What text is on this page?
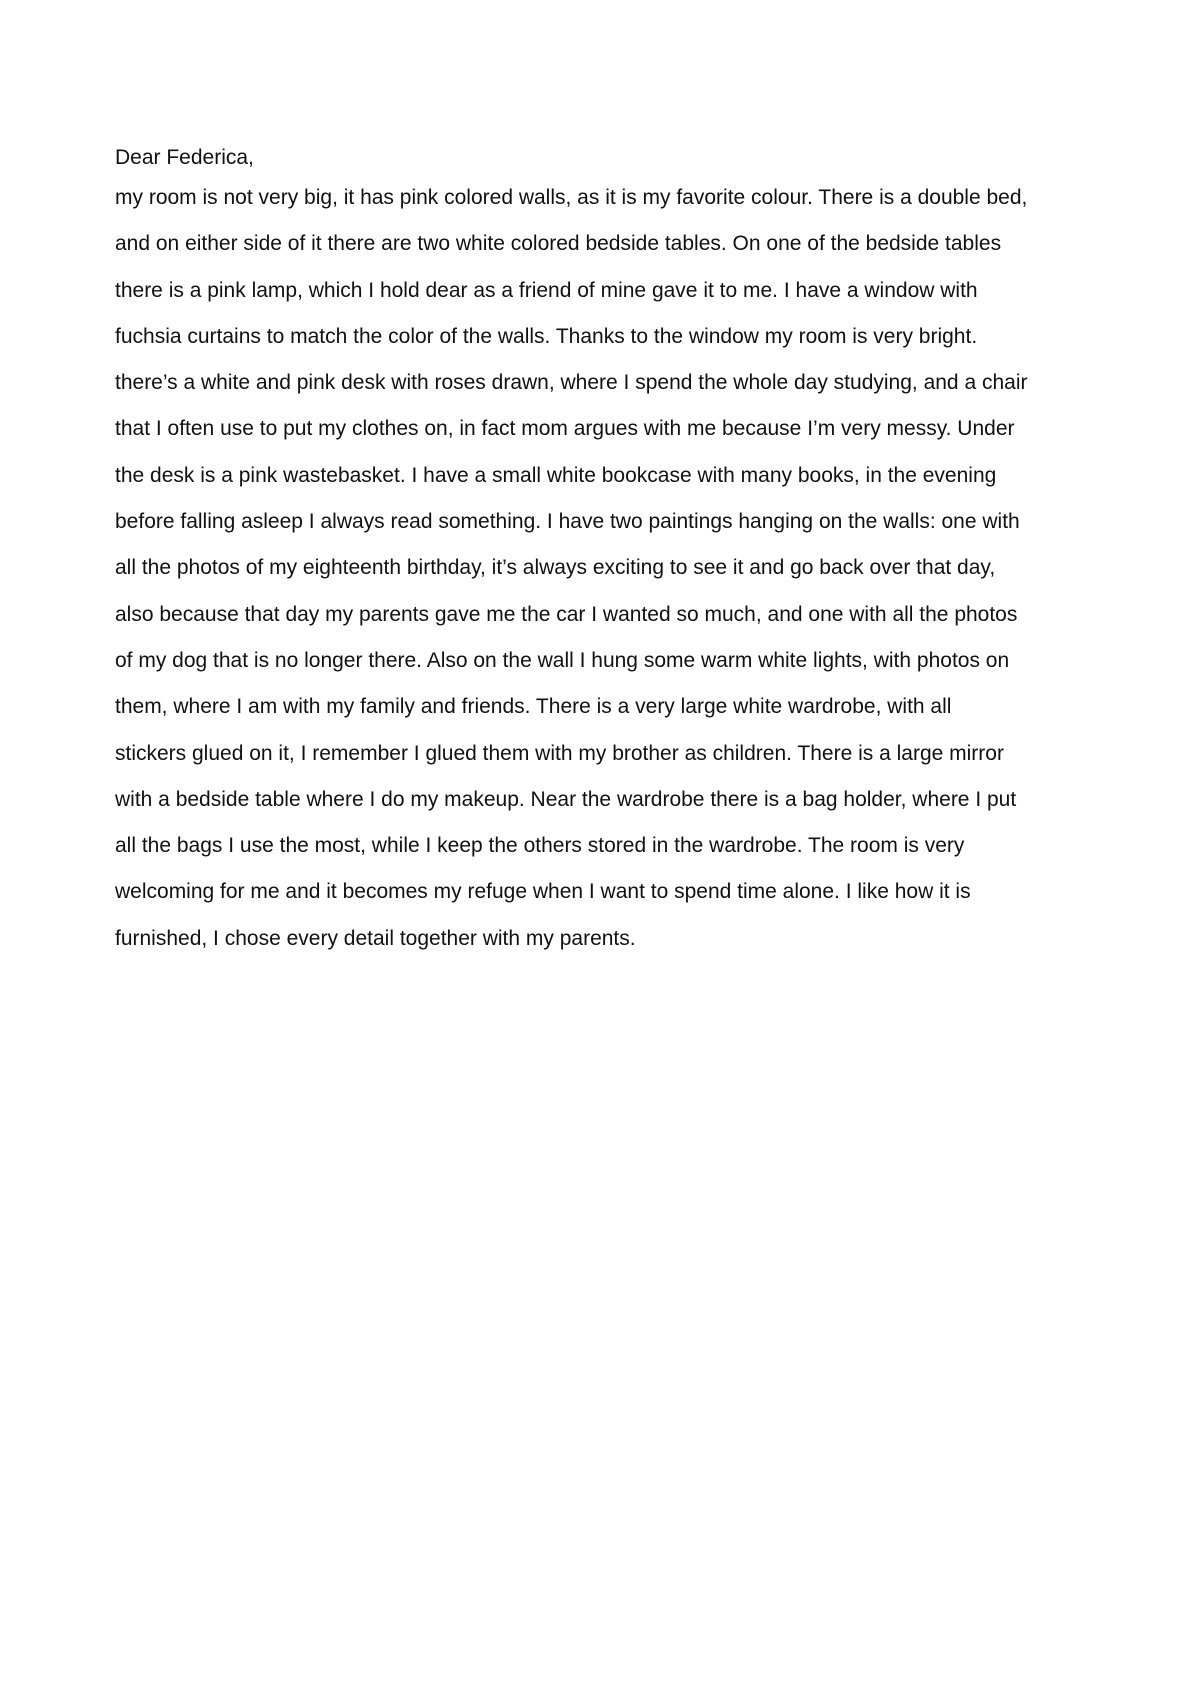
Dear Federica,

my room is not very big, it has pink colored walls, as it is my favorite colour. There is a double bed,
and on either side of it there are two white colored bedside tables. On one of the bedside tables
there is a pink lamp, which I hold dear as a friend of mine gave it to me. I have a window with
fuchsia curtains to match the color of the walls. Thanks to the window my room is very bright.
there’s a white and pink desk with roses drawn, where I spend the whole day studying, and a chair
that I often use to put my clothes on, in fact mom argues with me because I’m very messy. Under
the desk is a pink wastebasket. I have a small white bookcase with many books, in the evening
before falling asleep I always read something. I have two paintings hanging on the walls: one with
all the photos of my eighteenth birthday, it’s always exciting to see it and go back over that day,
also because that day my parents gave me the car I wanted so much, and one with all the photos
of my dog that is no longer there. Also on the wall I hung some warm white lights, with photos on
them, where I am with my family and friends. There is a very large white wardrobe, with all
stickers glued on it, I remember I glued them with my brother as children. There is a large mirror
with a bedside table where I do my makeup. Near the wardrobe there is a bag holder, where I put
all the bags I use the most, while I keep the others stored in the wardrobe. The room is very
welcoming for me and it becomes my refuge when I want to spend time alone. I like how it is
furnished, I chose every detail together with my parents.
